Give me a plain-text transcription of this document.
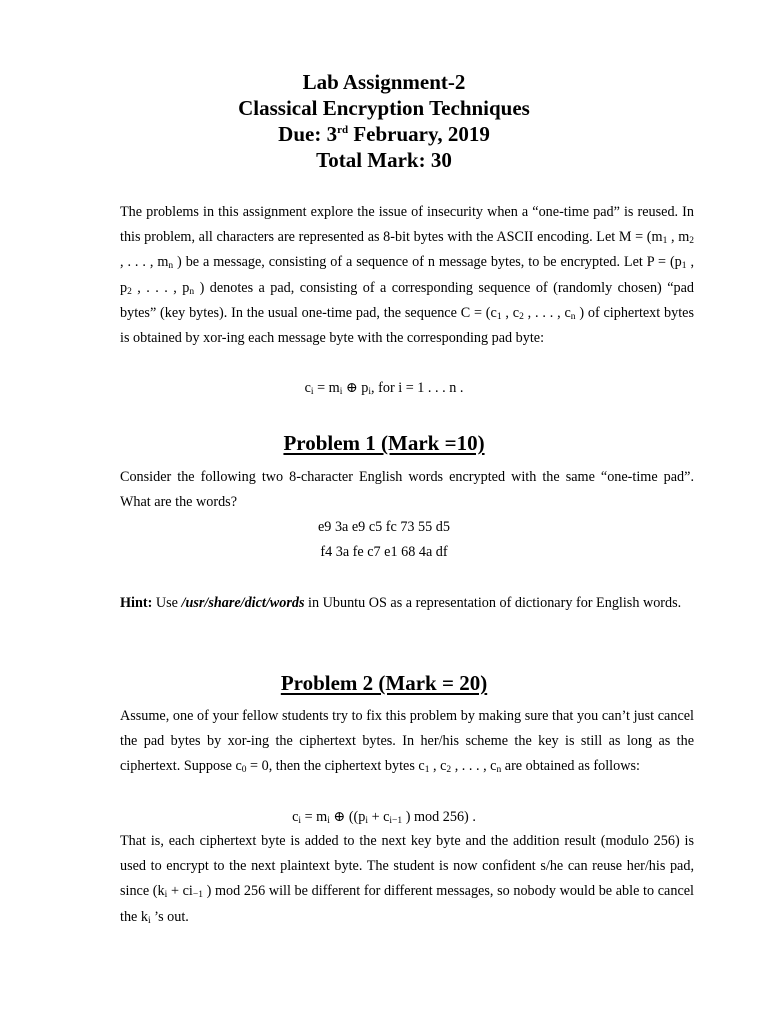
Lab Assignment-2
Classical Encryption Techniques
Due: 3rd February, 2019
Total Mark: 30
The problems in this assignment explore the issue of insecurity when a “one-time pad” is reused. In this problem, all characters are represented as 8-bit bytes with the ASCII encoding. Let $M = (m_1$ , $m_2$ , . . . , $m_n$ ) be a message, consisting of a sequence of n message bytes, to be encrypted. Let $P = (p_1$ , $p_2$ , . . . , $p_n$ ) denotes a pad, consisting of a corresponding sequence of (randomly chosen) “pad bytes” (key bytes). In the usual one-time pad, the sequence $C = (c_1$ , $c_2$ , . . . , $c_n$ ) of ciphertext bytes is obtained by xor-ing each message byte with the corresponding pad byte:
$c_i = m_i$ ⊕ $p_i$, for i = 1 . . . n .
Problem 1 (Mark =10)
Consider the following two 8-character English words encrypted with the same “one-time pad”. What are the words?
e9 3a e9 c5 fc 73 55 d5
f4 3a fe c7 e1 68 4a df
Hint: Use /usr/share/dict/words in Ubuntu OS as a representation of dictionary for English words.
Problem 2 (Mark = 20)
Assume, one of your fellow students try to fix this problem by making sure that you can’t just cancel the pad bytes by xor-ing the ciphertext bytes. In her/his scheme the key is still as long as the ciphertext. Suppose $c_0 = 0$, then the ciphertext bytes $c_1$ , $c_2$ , . . . , $c_n$ are obtained as follows:
$c_i = m_i$ ⊕ (($p_i + c_{i-1}$ ) mod 256) .
That is, each ciphertext byte is added to the next key byte and the addition result (modulo 256) is used to encrypt to the next plaintext byte. The student is now confident s/he can reuse her/his pad, since ($k_i + ci_{-1}$ ) mod 256 will be different for different messages, so nobody would be able to cancel the $k_i$ ’s out.
